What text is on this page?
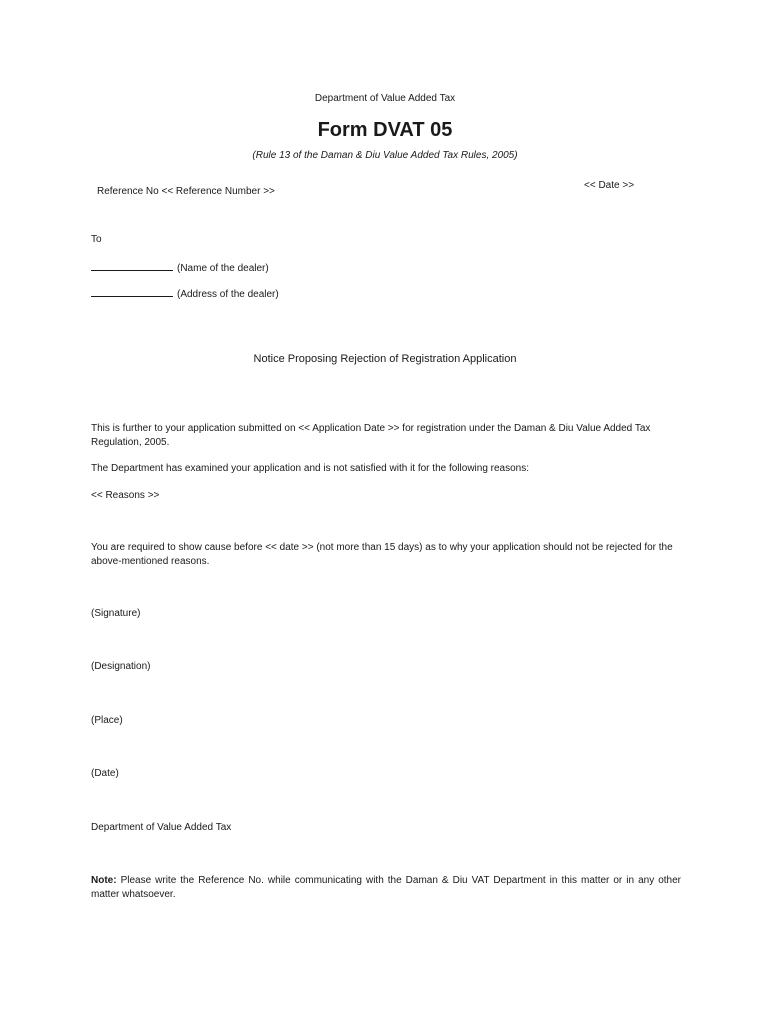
Department of Value Added Tax
Form DVAT 05
(Rule 13 of the Daman & Diu Value Added Tax Rules, 2005)
Reference No << Reference Number >>
<< Date >>
To
(Name of the dealer)
(Address of the dealer)
Notice Proposing Rejection of Registration Application
This is further to your application submitted on << Application Date >> for registration under the Daman & Diu Value Added Tax Regulation, 2005.
The Department has examined your application and is not satisfied with it for the following reasons:
<< Reasons >>
You are required to show cause before << date >> (not more than 15 days) as to why your application should not be rejected for the above-mentioned reasons.
(Signature)
(Designation)
(Place)
(Date)
Department of Value Added Tax
Note: Please write the Reference No. while communicating with the Daman & Diu VAT Department in this matter or in any other matter whatsoever.
